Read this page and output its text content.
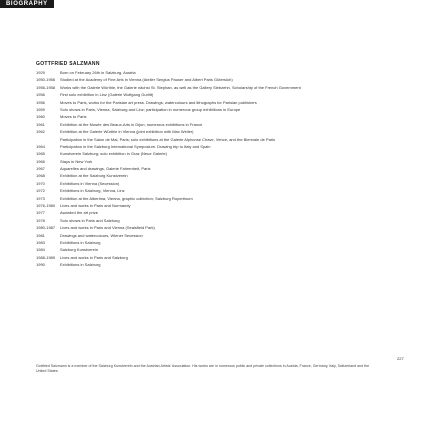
BIOGRAPHY
GOTTFRIED SALZMANN
1929	Born on February 26th in Salzburg, Austria
1950-1956	Studied at the Academy of Fine Arts in Vienna (Atelier Sergius Pauser and Albert Paris Gütersloh)
1956-1958	Works with the Galerie Würthle, the Galerie nächst St. Stephan, as well as the Gallery Siebzehn. Scholarship of the French Government
1956	First solo exhibition in Linz (Galerie Wolfgang Gurlitt)
1956	Moves to Paris, works for the Parisian art press. Drawings, watercolours and lithographs for Parisian publishers
1959	Solo shows in Paris, Vienna, Salzburg and Linz; participation in numerous group exhibitions in Europe
1960	Moves to Paris
1961	Exhibition at the Musée des Beaux-Arts in Dijon; numerous exhibitions in France
1962	Exhibition at the Galerie Würthle in Vienna (joint exhibition with Max Weiler)
Participation in the Salon de Mai, Paris; solo exhibitions at the Galerie Alphonse Chave, Vence, and the Biennale de Paris
1964	Participation in the Salzburg International Symposium. Drawing trip to Italy and Spain
1965	Kunstverein Salzburg; solo exhibition in Graz (Neue Galerie)
1966	Stays in New York
1967	Aquarelles and drawings, Galerie Fahrenheit, Paris
1968	Exhibition at the Salzburg Kunstverein
1970	Exhibitions in Vienna (Secession)
1972	Exhibitions in Salzburg, Vienna, Linz
1973	Exhibition at the Albertina, Vienna, graphic collection; Salzburg Rupertinum
1976-1980	Lives and works in Paris and Normandy
1977	Awarded the art prize
1978	Solo shows in Paris and Salzburg
1980-1987	Lives and works in Paris and Vienna (Sealsfield Park)
1981	Drawings and watercolours, Wiener Secession
1983	Exhibitions in Salzburg
1984	Salzburg Kunstverein
1988-1989	Lives and works in Paris and Salzburg
1990	Exhibitions in Salzburg
227
Gottfried Salzmann is a member of the Salzburg Kunstverein and the Austrian Artists' Association. His works are in numerous public and private collections in Austria, France, Germany, Italy, Switzerland and the United States.
